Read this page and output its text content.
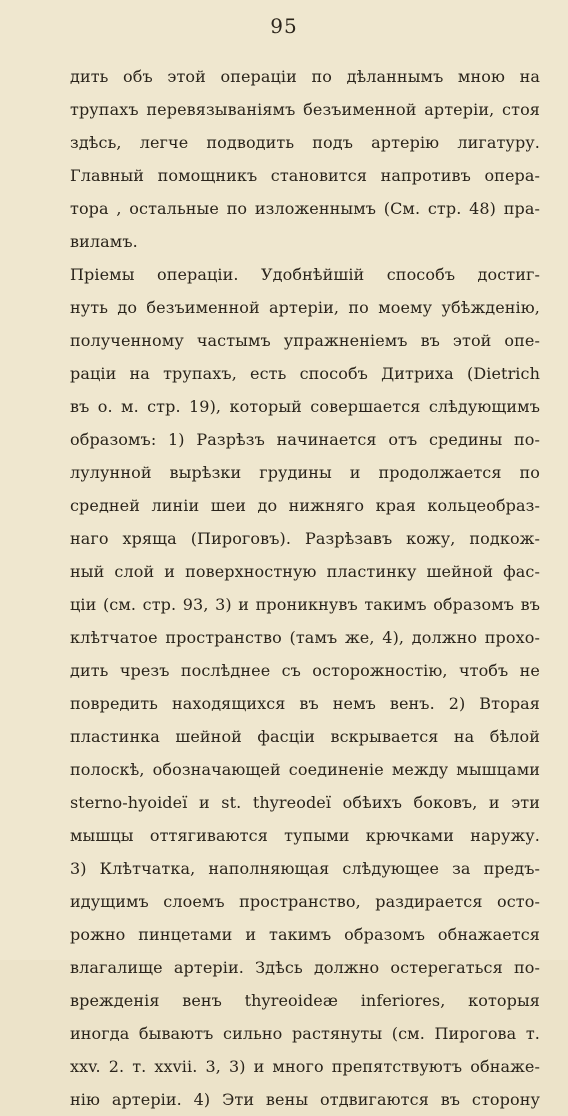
95
дить объ этой операціи по дѣланнымъ мною на
трупахъ перевязываніямъ безъименной артеріи, стоя
здѣсь, легче подводить подъ артерію лигатуру.
Главный помощникъ становится напротивъ опера-
тора , остальные по изложеннымъ (См. стр. 48) пра-
виламъ.
Пріемы операціи. Удобнѣйшій способъ достиг-
нуть до безъименной артеріи, по моему убѣжденію,
полученному частымъ упражненіемъ въ этой опе-
раціи на трупахъ, есть способъ Дитриха (Dietrich
въ о. м. стр. 19), который совершается слѣдующимъ
образомъ: 1) Разрѣзъ начинается отъ средины по-
лулунной вырѣзки грудины и продолжается по
средней линіи шеи до нижняго края кольцеобраз-
наго хряща (Пироговъ). Разрѣзавъ кожу, подкож-
ный слой и поверхностную пластинку шейной фас-
ціи (см. стр. 93, 3) и проникнувъ такимъ образомъ въ
клѣтчатое пространство (тамъ же, 4), должно прохо-
дить чрезъ послѣднее съ осторожностію, чтобъ не
повредить находящихся въ немъ венъ. 2) Вторая
пластинка шейной фасціи вскрывается на бѣлой
полоскѣ, обозначающей соединеніе между мышцами
sterno-hyoideï и st. thyreodeï обѣихъ боковъ, и эти
мышцы оттягиваются тупыми крючками наружу.
3) Клѣтчатка, наполняющая слѣдующее за предъ-
идущимъ слоемъ пространство, раздирается осто-
рожно пинцетами и такимъ образомъ обнажается
влагалище артеріи. Здѣсь должно остерегаться по-
врежденія венъ thyreoideæ inferiores, которыя
иногда бываютъ сильно растянуты (см. Пирогова т.
ххv. 2. т. ххvii. 3, 3) и много препятствуютъ обнаже-
нію артеріи. 4) Эти вены отдвигаются въ сторону
